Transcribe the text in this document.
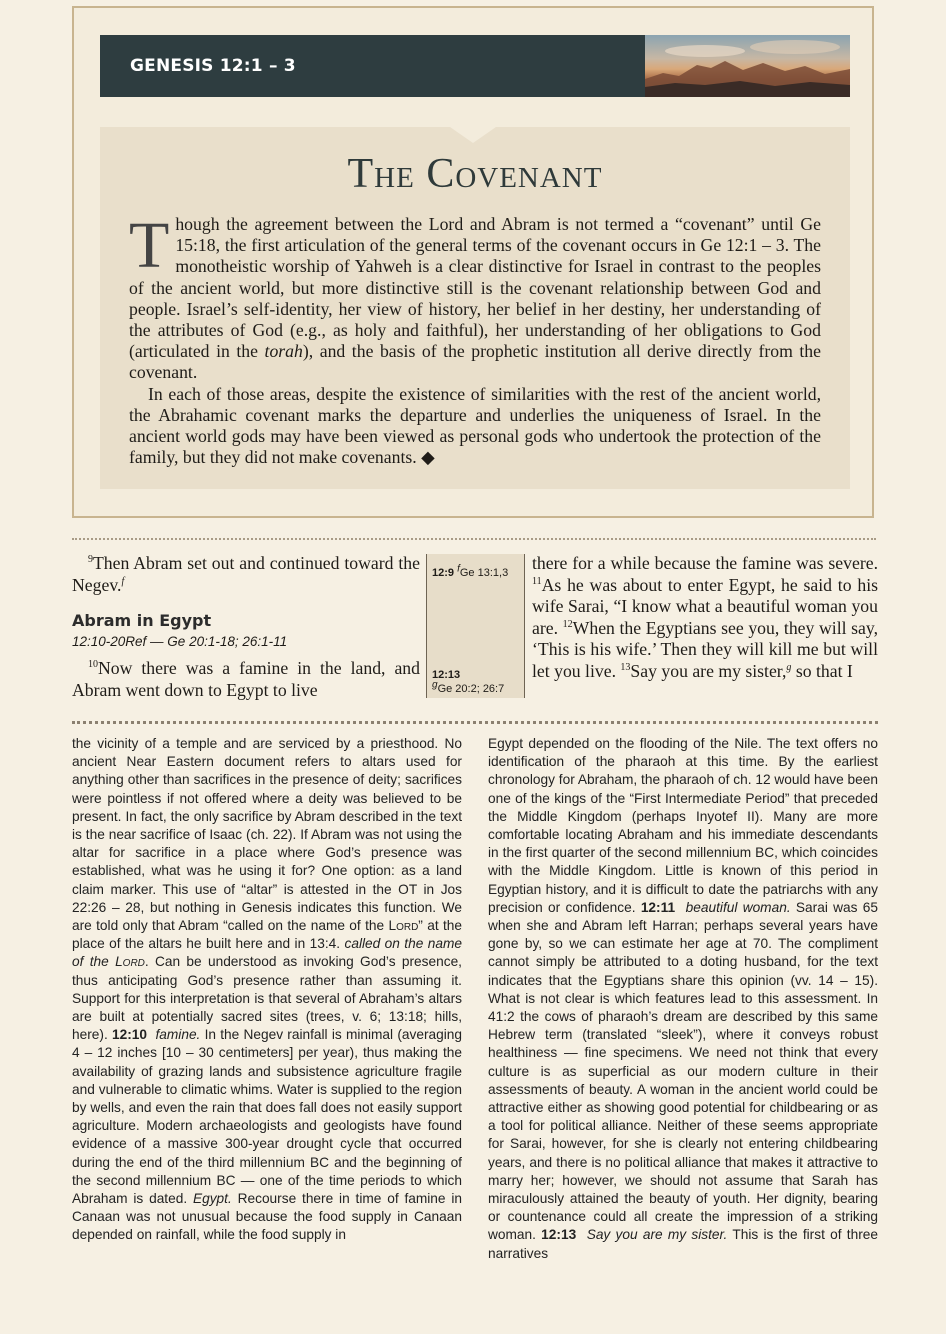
GENESIS 12:1 – 3
The Covenant

Though the agreement between the Lord and Abram is not termed a “covenant” until Ge 15:18, the first articulation of the general terms of the covenant occurs in Ge 12:1 – 3. The monotheistic worship of Yahweh is a clear distinctive for Israel in contrast to the peoples of the ancient world, but more distinctive still is the covenant relationship between God and people. Israel’s self-identity, her view of history, her belief in her destiny, her understanding of the attributes of God (e.g., as holy and faithful), her understanding of her obligations to God (articulated in the torah), and the basis of the prophetic institution all derive directly from the covenant.

In each of those areas, despite the existence of similarities with the rest of the ancient world, the Abrahamic covenant marks the departure and underlies the uniqueness of Israel. In the ancient world gods may have been viewed as personal gods who undertook the protection of the family, but they did not make covenants. ◆

$^9$Then Abram set out and continued toward the Negev.$^f$

Abram in Egypt
12:10-20Ref — Ge 20:1-18; 26:1-11

$^{10}$Now there was a famine in the land, and Abram went down to Egypt to live

12:9 $^f$Ge 13:1,3
12:13
$^g$Ge 20:2; 26:7

there for a while because the famine was severe. $^{11}$As he was about to enter Egypt, he said to his wife Sarai, “I know what a beautiful woman you are. $^{12}$When the Egyptians see you, they will say, ‘This is his wife.’ Then they will kill me but will let you live. $^{13}$Say you are my sister,$^g$ so that I

the vicinity of a temple and are serviced by a priesthood. No ancient Near Eastern document refers to altars used for anything other than sacrifices in the presence of deity; sacrifices were pointless if not offered where a deity was believed to be present. In fact, the only sacrifice by Abram described in the text is the near sacrifice of Isaac (ch. 22). If Abram was not using the altar for sacrifice in a place where God’s presence was established, what was he using it for? One option: as a land claim marker. This use of “altar” is attested in the OT in Jos 22:26 – 28, but nothing in Genesis indicates this function. We are told only that Abram “called on the name of the Lord” at the place of the altars he built here and in 13:4. called on the name of the Lord. Can be understood as invoking God’s presence, thus anticipating God’s presence rather than assuming it. Support for this interpretation is that several of Abraham’s altars are built at potentially sacred sites (trees, v. 6; 13:18; hills, here). 12:10 famine. In the Negev rainfall is minimal (averaging 4 – 12 inches [10 – 30 centimeters] per year), thus making the availability of grazing lands and subsistence agriculture fragile and vulnerable to climatic whims. Water is supplied to the region by wells, and even the rain that does fall does not easily support agriculture. Modern archaeologists and geologists have found evidence of a massive 300-year drought cycle that occurred during the end of the third millennium BC and the beginning of the second millennium BC — one of the time periods to which Abraham is dated. Egypt. Recourse there in time of famine in Canaan was not unusual because the food supply in Canaan depended on rainfall, while the food supply in

Egypt depended on the flooding of the Nile. The text offers no identification of the pharaoh at this time. By the earliest chronology for Abraham, the pharaoh of ch. 12 would have been one of the kings of the “First Intermediate Period” that preceded the Middle Kingdom (perhaps Inyotef II). Many are more comfortable locating Abraham and his immediate descendants in the first quarter of the second millennium BC, which coincides with the Middle Kingdom. Little is known of this period in Egyptian history, and it is difficult to date the patriarchs with any precision or confidence. 12:11 beautiful woman. Sarai was 65 when she and Abram left Harran; perhaps several years have gone by, so we can estimate her age at 70. The compliment cannot simply be attributed to a doting husband, for the text indicates that the Egyptians share this opinion (vv. 14 – 15). What is not clear is which features lead to this assessment. In 41:2 the cows of pharaoh’s dream are described by this same Hebrew term (translated “sleek”), where it conveys robust healthiness — fine specimens. We need not think that every culture is as superficial as our modern culture in their assessments of beauty. A woman in the ancient world could be attractive either as showing good potential for childbearing or as a tool for political alliance. Neither of these seems appropriate for Sarai, however, for she is clearly not entering childbearing years, and there is no political alliance that makes it attractive to marry her; however, we should not assume that Sarah has miraculously attained the beauty of youth. Her dignity, bearing or countenance could all create the impression of a striking woman. 12:13 Say you are my sister. This is the first of three narratives
